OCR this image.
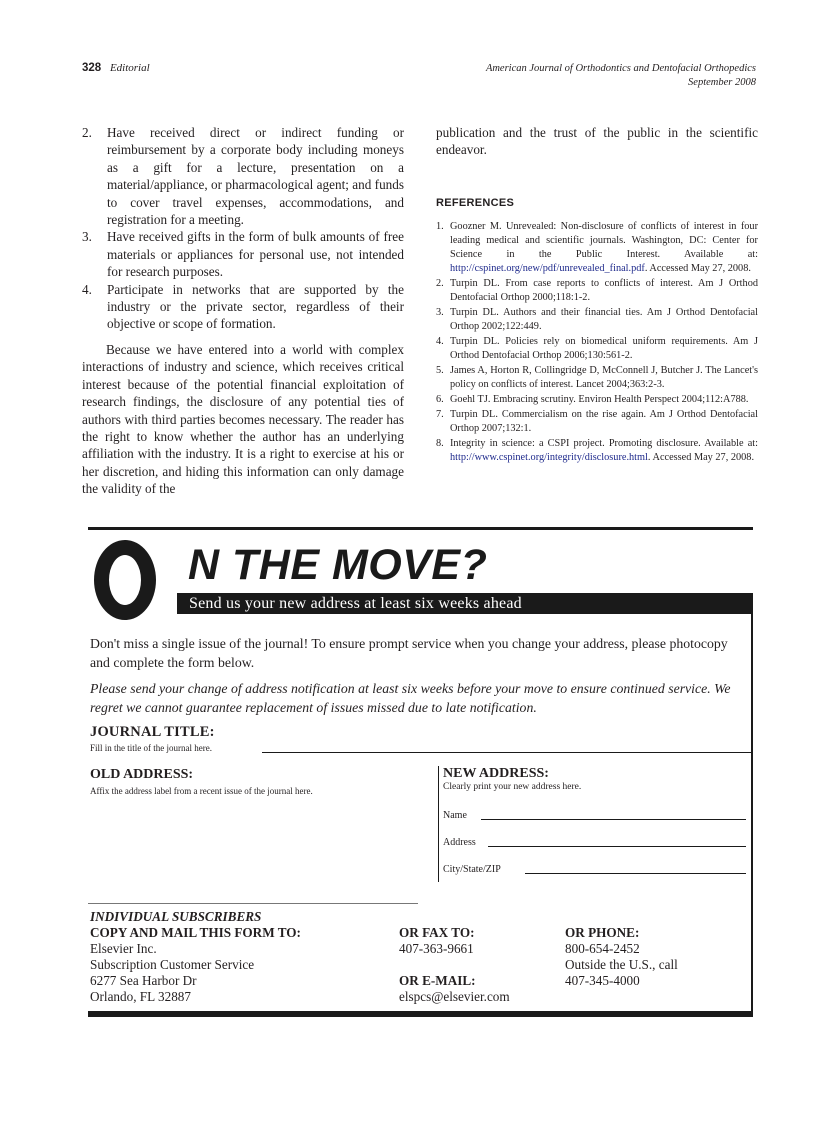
328 Editorial	American Journal of Orthodontics and Dentofacial Orthopedics
September 2008
2. Have received direct or indirect funding or reimbursement by a corporate body including moneys as a gift for a lecture, presentation on a material/appliance, or pharmacological agent; and funds to cover travel expenses, accommodations, and registration for a meeting.
3. Have received gifts in the form of bulk amounts of free materials or appliances for personal use, not intended for research purposes.
4. Participate in networks that are supported by the industry or the private sector, regardless of their objective or scope of formation.

Because we have entered into a world with complex interactions of industry and science, which receives critical interest because of the potential financial exploitation of research findings, the disclosure of any potential ties of authors with third parties becomes necessary. The reader has the right to know whether the author has an underlying affiliation with the industry. It is a right to exercise at his or her discretion, and hiding this information can only damage the validity of the

publication and the trust of the public in the scientific endeavor.

REFERENCES
1. Goozner M. Unrevealed: Non-disclosure of conflicts of interest in four leading medical and scientific journals. Washington, DC: Center for Science in the Public Interest. Available at: http://cspinet.org/new/pdf/unrevealed_final.pdf. Accessed May 27, 2008.
2. Turpin DL. From case reports to conflicts of interest. Am J Orthod Dentofacial Orthop 2000;118:1-2.
3. Turpin DL. Authors and their financial ties. Am J Orthod Dentofacial Orthop 2002;122:449.
4. Turpin DL. Policies rely on biomedical uniform requirements. Am J Orthod Dentofacial Orthop 2006;130:561-2.
5. James A, Horton R, Collingridge D, McConnell J, Butcher J. The Lancet's policy on conflicts of interest. Lancet 2004;363:2-3.
6. Goehl TJ. Embracing scrutiny. Environ Health Perspect 2004;112:A788.
7. Turpin DL. Commercialism on the rise again. Am J Orthod Dentofacial Orthop 2007;132:1.
8. Integrity in science: a CSPI project. Promoting disclosure. Available at: http://www.cspinet.org/integrity/disclosure.html. Accessed May 27, 2008.
N THE MOVE?
Send us your new address at least six weeks ahead
Don't miss a single issue of the journal! To ensure prompt service when you change your address, please photocopy and complete the form below.
Please send your change of address notification at least six weeks before your move to ensure continued service. We regret we cannot guarantee replacement of issues missed due to late notification.
JOURNAL TITLE:
Fill in the title of the journal here.
OLD ADDRESS:
Affix the address label from a recent issue of the journal here.
NEW ADDRESS:
Clearly print your new address here.
Name
Address
City/State/ZIP
INDIVIDUAL SUBSCRIBERS
COPY AND MAIL THIS FORM TO:
Elsevier Inc.
Subscription Customer Service
6277 Sea Harbor Dr
Orlando, FL 32887
OR FAX TO:
407-363-9661
OR E-MAIL:
elspcs@elsevier.com
OR PHONE:
800-654-2452
Outside the U.S., call
407-345-4000
